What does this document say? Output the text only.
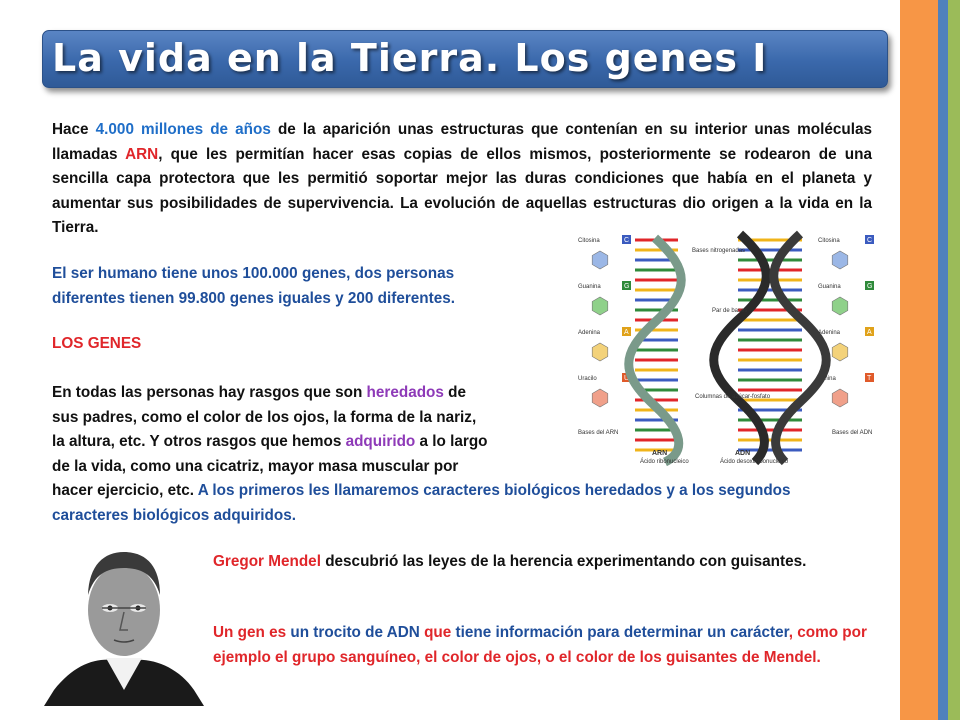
La vida en la Tierra. Los genes I
Hace 4.000 millones de años de la aparición unas estructuras que contenían en su interior unas moléculas llamadas ARN, que les permitían hacer esas copias de ellos mismos, posteriormente se rodearon de una sencilla capa protectora que les permitió soportar mejor las duras condiciones que había en el planeta y aumentar sus posibilidades de supervivencia. La evolución de aquellas estructuras dio origen a la vida en la Tierra.
El ser humano tiene unos 100.000 genes, dos personas
diferentes tienen 99.800 genes iguales y 200 diferentes.
LOS GENES
En todas las personas hay rasgos que son heredados de
sus padres, como el color de los ojos, la forma de la nariz,
la altura, etc. Y otros rasgos que hemos adquirido a lo largo
de la vida, como una cicatriz, mayor masa muscular por
hacer ejercicio, etc. A los primeros les llamaremos caracteres biológicos heredados y a los segundos caracteres biológicos adquiridos.
Gregor Mendel descubrió las leyes de la herencia experimentando con guisantes.
Un gen es un trocito de ADN que tiene información para determinar un carácter, como por ejemplo el grupo sanguíneo, el color de ojos, o el color de los guisantes de Mendel.
Citosina	C
Guanina	G
Adenina	A
Uracilo	U
Citosina	C
Guanina	G
Adenina	A
Timina	T
Bases nitrogenadas
Par de bases
Columnas de azúcar-fosfato
Bases del ARN	Bases del ADN
ARN
Ácido ribonucleico
ADN
Ácido desoxirribonucleico
